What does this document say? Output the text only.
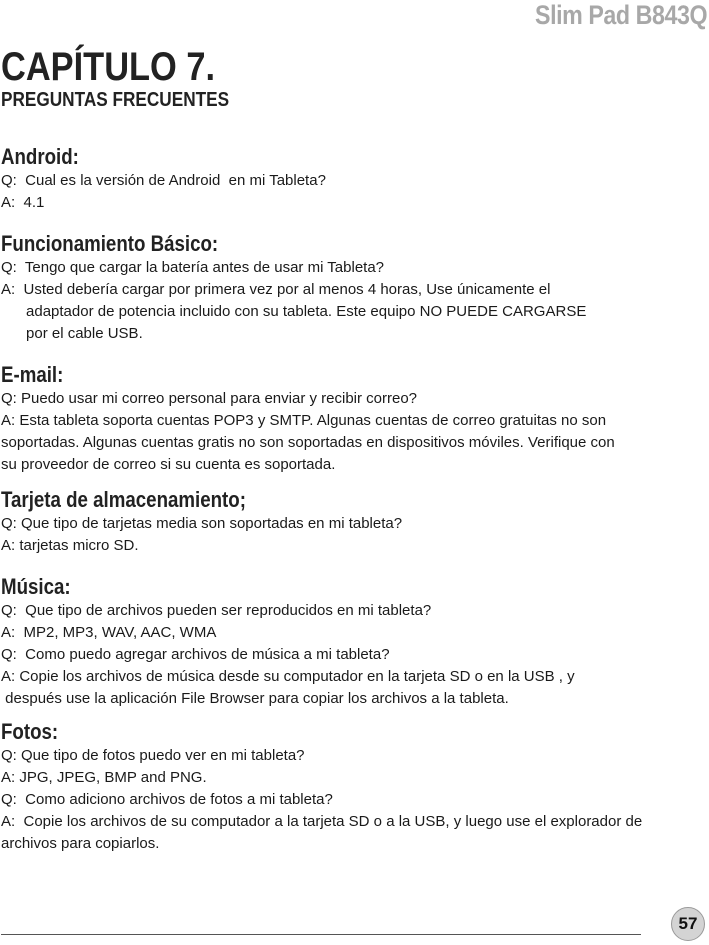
Slim Pad B843Q
CAPÍTULO 7.
PREGUNTAS FRECUENTES
Android:
Q:  Cual es la versión de Android  en mi Tableta?
A:  4.1
Funcionamiento Básico:
Q:  Tengo que cargar la batería antes de usar mi Tableta?
A:  Usted debería cargar por primera vez por al menos 4 horas, Use únicamente el
adaptador de potencia incluido con su tableta. Este equipo NO PUEDE CARGARSE
por el cable USB.
E-mail:
Q: Puedo usar mi correo personal para enviar y recibir correo?
A: Esta tableta soporta cuentas POP3 y SMTP. Algunas cuentas de correo gratuitas no son
soportadas. Algunas cuentas gratis no son soportadas en dispositivos móviles. Verifique con
su proveedor de correo si su cuenta es soportada.
Tarjeta de almacenamiento;
Q: Que tipo de tarjetas media son soportadas en mi tableta?
A: tarjetas micro SD.
Música:
Q:  Que tipo de archivos pueden ser reproducidos en mi tableta?
A:  MP2, MP3, WAV, AAC, WMA
Q:  Como puedo agregar archivos de música a mi tableta?
A: Copie los archivos de música desde su computador en la tarjeta SD o en la USB , y
después use la aplicación File Browser para copiar los archivos a la tableta.
Fotos:
Q: Que tipo de fotos puedo ver en mi tableta?
A: JPG, JPEG, BMP and PNG.
Q:  Como adiciono archivos de fotos a mi tableta?
A:  Copie los archivos de su computador a la tarjeta SD o a la USB, y luego use el explorador de
archivos para copiarlos.
57
